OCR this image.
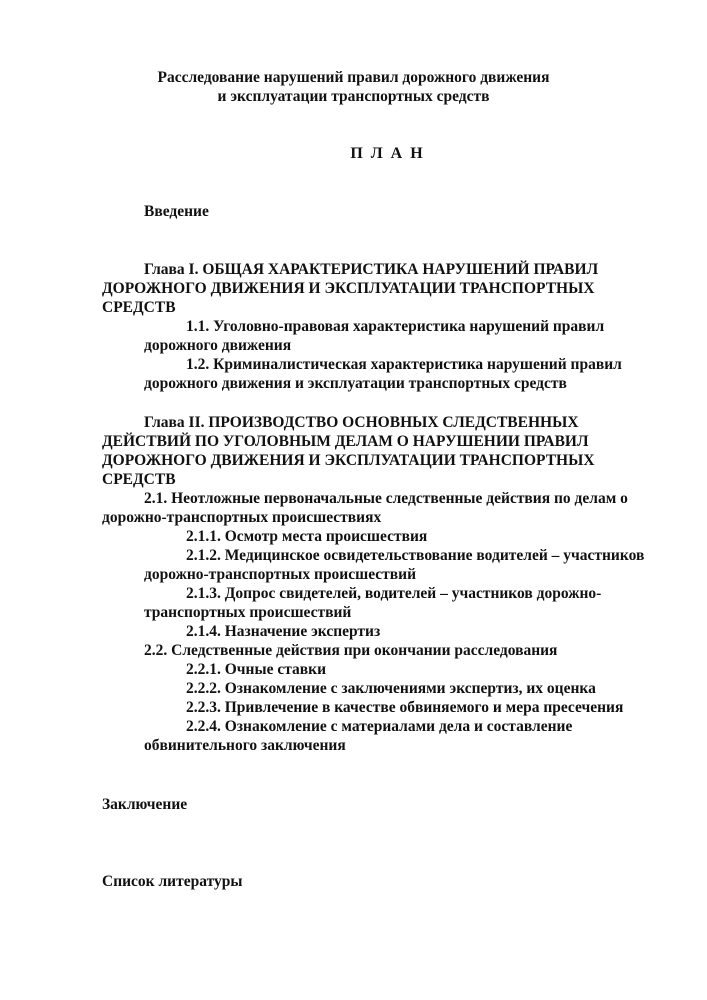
Расследование нарушений правил дорожного движения
и эксплуатации транспортных средств
П Л А Н
Введение
Глава I. ОБЩАЯ ХАРАКТЕРИСТИКА НАРУШЕНИЙ ПРАВИЛ ДОРОЖНОГО ДВИЖЕНИЯ И ЭКСПЛУАТАЦИИ ТРАНСПОРТНЫХ СРЕДСТВ
1.1. Уголовно-правовая характеристика нарушений правил дорожного движения
1.2. Криминалистическая характеристика нарушений правил дорожного движения и эксплуатации транспортных средств
Глава II. ПРОИЗВОДСТВО ОСНОВНЫХ СЛЕДСТВЕННЫХ ДЕЙСТВИЙ ПО УГОЛОВНЫМ ДЕЛАМ О НАРУШЕНИИ ПРАВИЛ ДОРОЖНОГО ДВИЖЕНИЯ И ЭКСПЛУАТАЦИИ ТРАНСПОРТНЫХ СРЕДСТВ
2.1. Неотложные первоначальные следственные действия по делам о дорожно-транспортных происшествиях
2.1.1. Осмотр места происшествия
2.1.2. Медицинское освидетельствование водителей – участников дорожно-транспортных происшествий
2.1.3. Допрос свидетелей, водителей – участников дорожно-транспортных происшествий
2.1.4. Назначение экспертиз
2.2. Следственные действия при окончании расследования
2.2.1. Очные ставки
2.2.2. Ознакомление с заключениями экспертиз, их оценка
2.2.3. Привлечение в качестве обвиняемого и мера пресечения
2.2.4. Ознакомление с материалами дела и составление обвинительного заключения
Заключение
Список литературы
